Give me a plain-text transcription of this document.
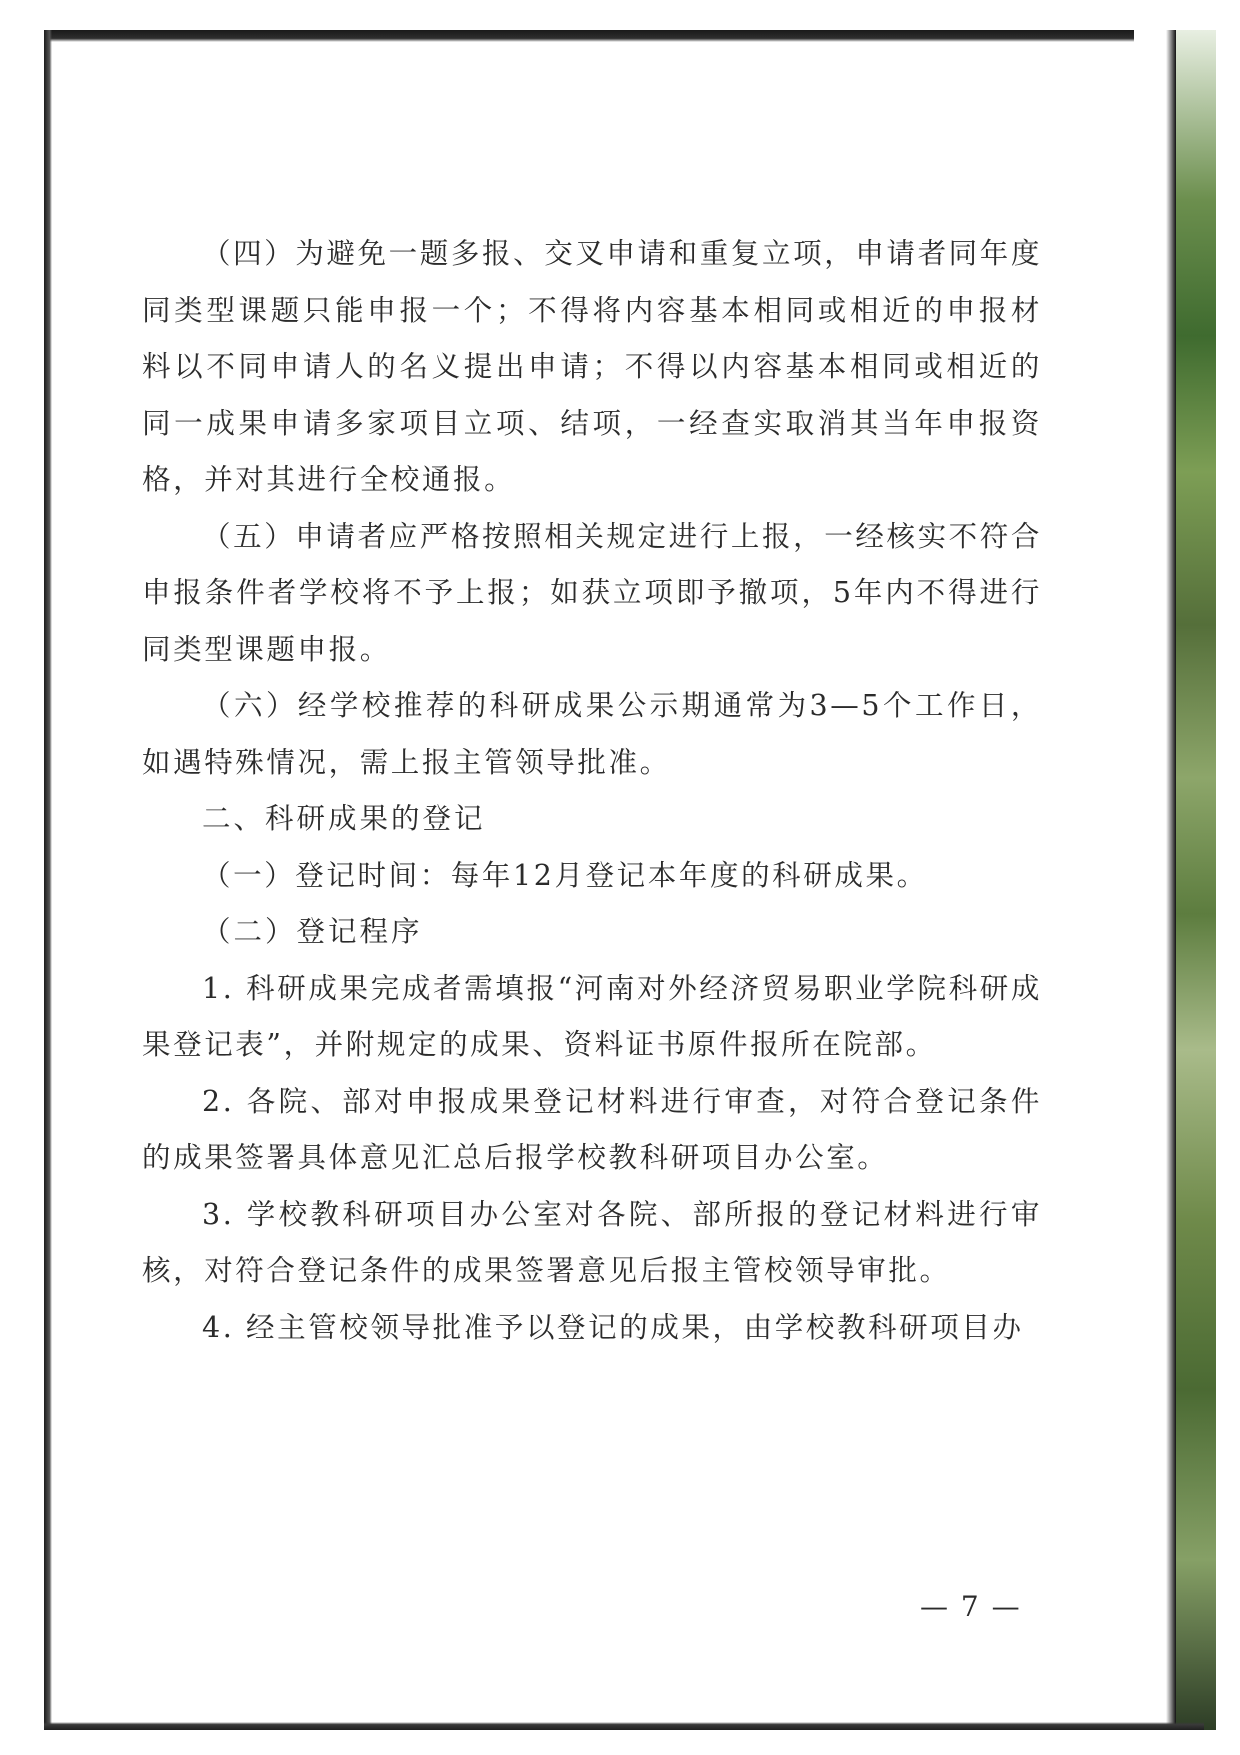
（四）为避免一题多报、交叉申请和重复立项，申请者同年度同类型课题只能申报一个；不得将内容基本相同或相近的申报材料以不同申请人的名义提出申请；不得以内容基本相同或相近的同一成果申请多家项目立项、结项，一经查实取消其当年申报资格，并对其进行全校通报。

（五）申请者应严格按照相关规定进行上报，一经核实不符合申报条件者学校将不予上报；如获立项即予撤项，5年内不得进行同类型课题申报。

（六）经学校推荐的科研成果公示期通常为3—5个工作日，如遇特殊情况，需上报主管领导批准。

二、科研成果的登记

（一）登记时间：每年12月登记本年度的科研成果。

（二）登记程序

1. 科研成果完成者需填报“河南对外经济贸易职业学院科研成果登记表”，并附规定的成果、资料证书原件报所在院部。

2. 各院、部对申报成果登记材料进行审查，对符合登记条件的成果签署具体意见汇总后报学校教科研项目办公室。

3. 学校教科研项目办公室对各院、部所报的登记材料进行审核，对符合登记条件的成果签署意见后报主管校领导审批。

4. 经主管校领导批准予以登记的成果，由学校教科研项目办

— 7 —
